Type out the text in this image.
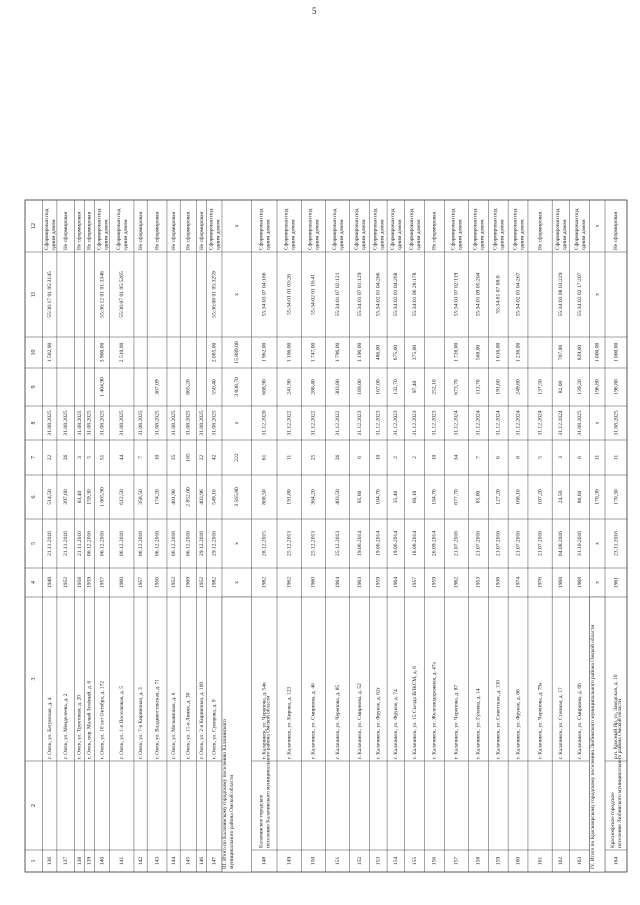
5
1
2
3
4
5
6
7
8
9
10
11
12
136
г. Омск, ул. Батумская, д. 4
1948
21.11.2016
514,50
22
31.08.2025
1 502,00
55:36:17 01 05:3145
Сформирован под одним домом
137
г. Омск, ул. Менделеева, д. 2
1952
21.11.2016
397,60
26
31.08.2025
Не сформирован
138
г. Омск, ул. Труктовая, д. 20
1958
21.11.2016
83,40
3
31.08.2025
Не сформирован
139
г. Омск, пер. Малый Зелёный, д. 6
1959
06.12.2016
159,30
5
31.08.2025
Не сформирован
140
г. Омск, ул. 10 лет Октября, д. 172
1957
06.12.2016
1 065,90
51
31.08.2025
1 404,90
3 900,00
55:36:12 01 01:3348
Сформирован под одним домом
141
г. Омск, ул. 1-я Поселковая, д. 5
1960
06.12.2016
612,50
44
31.08.2025
2 510,00
55:36:07 01 05:5265
Сформирован под одним домом
142
г. Омск, ул. 7-я Кирпичная, д. 3
1957
06.12.2016
358,50
7
31.08.2025
Не сформирован
143
г. Омск, ул. Владивостокская, д. 71
1956
06.12.2016
174,20
10
31.08.2025
367,09
Не сформирован
144
г. Омск, ул. Мельничная, д. 6
1952
06.12.2016
401,90
35
31.08.2025
Не сформирован
145
г. Омск, ул. 11-я Линия, д. 30
1969
06.12.2016
2 852,00
185
31.08.2025
865,20
Не сформирован
146
г. Омск, ул. 2-я Кирпичная, д. 109
1952
29.12.2016
403,96
22
31.08.2025
Не сформирован
147
г. Омск, ул. Суворова, д. 9
1982
29.12.2016
549,10
42
31.08.2025
550,40
2 085,00
55:36:08 01 05:3259
Сформирован под одним домом
III. Итого по Калачинскому городскому поселению Калачинского муниципального района Омской области
x
x
3 565,80
222
x
3 838,70
15 889,00
x
x
148
Калачинское городское поселение Калачинского муниципального района Омской области
г. Калачинск, ул. Черепова, д. 54в
1982
28.12.2015
868,50
61
31.12.2020
688,90
1 962,00
55:34:03 07 04:166
Сформирован под одним домом
149
г. Калачинск, ул. Кирова, д. 123
1962
25.12.2013
191,80
11
31.12.2022
241,90
1 106,00
55:34:01 01 03:26
Сформирован под одним домом
150
г. Калачинск, ул. Смирнова, д. 46
1960
25.12.2013
364,20
25
31.12.2022
288,40
1 747,00
55:34:02 01 18:41
Сформирован под одним домом
151
г. Калачинск, ул. Черепова, д. 85
1964
25.12.2013
403,50
26
31.12.2022
303,80
1 796,00
55:34:01 07 02:121
Сформирован под одним домом
152
г. Калачинск, ул. Смирнова, д. 52
1963
19.06.2014
85,60
6
31.12.2023
189,00
1 196,00
55:34:01 07 01:129
Сформирован под одним домом
153
г. Калачинск, ул. Фрунзе, д. 62г
1959
19.06.2014
104,70
10
31.12.2023
167,00
486,00
55:34:02 01 04:266
Сформирован под одним домом
154
г. Калачинск, ул. Фрунзе, д. 74
1964
19.06.2014
35,40
2
31.12.2023
132,70
675,00
55:34:02 01 04:268
Сформирован под одним домом
155
г. Калачинск, ул. 15 Съезда ВЛКСМ, д. 6
1957
18.08.2014
60,10
2
31.12.2023
97,40
375,00
55:34:01 06 28:178
Сформирован под одним домом
156
г. Калачинск, ул. Железнодорожная, д. 47а
1959
26.09.2014
184,70
10
31.12.2023
252,10
Не сформирован
157
г. Калачинск, ул. Черепова, д. 87
1962
21.07.2016
677,70
34
31.12.2024
673,70
1 726,00
55:34:01 07 02:119
Сформирован под одним домом
158
г. Калачинск, ул. Гуляева, д. 14
1953
21.07.2016
85,00
7
31.12.2024
113,70
568,00
55:34:01 09 05:204
Сформирован под одним домом
159
г. Калачинск, ул. Советская, д. 130
1938
21.07.2016
127,20
6
31.12.2024
191,60
1 616,00
55:34:01 07 08:8
Сформирован под одним домом
160
г. Калачинск, ул. Фрунзе, д. 86
1974
21.07.2016
168,10
8
31.12.2024
249,80
1 236,00
55:34:02 01 04:267
Сформирован под одним домом
161
г. Калачинск, ул. Черепова, д. 79а
1976
21.07.2016
107,20
5
31.12.2024
137,50
Не сформирован
162
г. Калачинск, ул. Степная, д. 17
1968
04.08.2016
24,50
3
31.12.2024
82,00
707,00
55:34:03 08 03:229
Сформирован под одним домом
163
г. Калачинск, ул. Смирнова, д. 66
1968
31.10.2016
80,60
6
31.08.2025
139,20
839,00
55:34:02 02 17:207
Сформирован под одним домом
IV. Итого по Красноярскому городскому поселению Любинского муниципального района Омской области
x
x
170,30
11
x
196,80
1 000,00
x
x
164
Красноярское городское поселение Любинского муниципального района Омской области
р.п. Красный Яр, ул. Заводская, д. 10
1961
23.11.2016
170,30
11
31.08.2025
196,80
1 000,00
Не сформирован
